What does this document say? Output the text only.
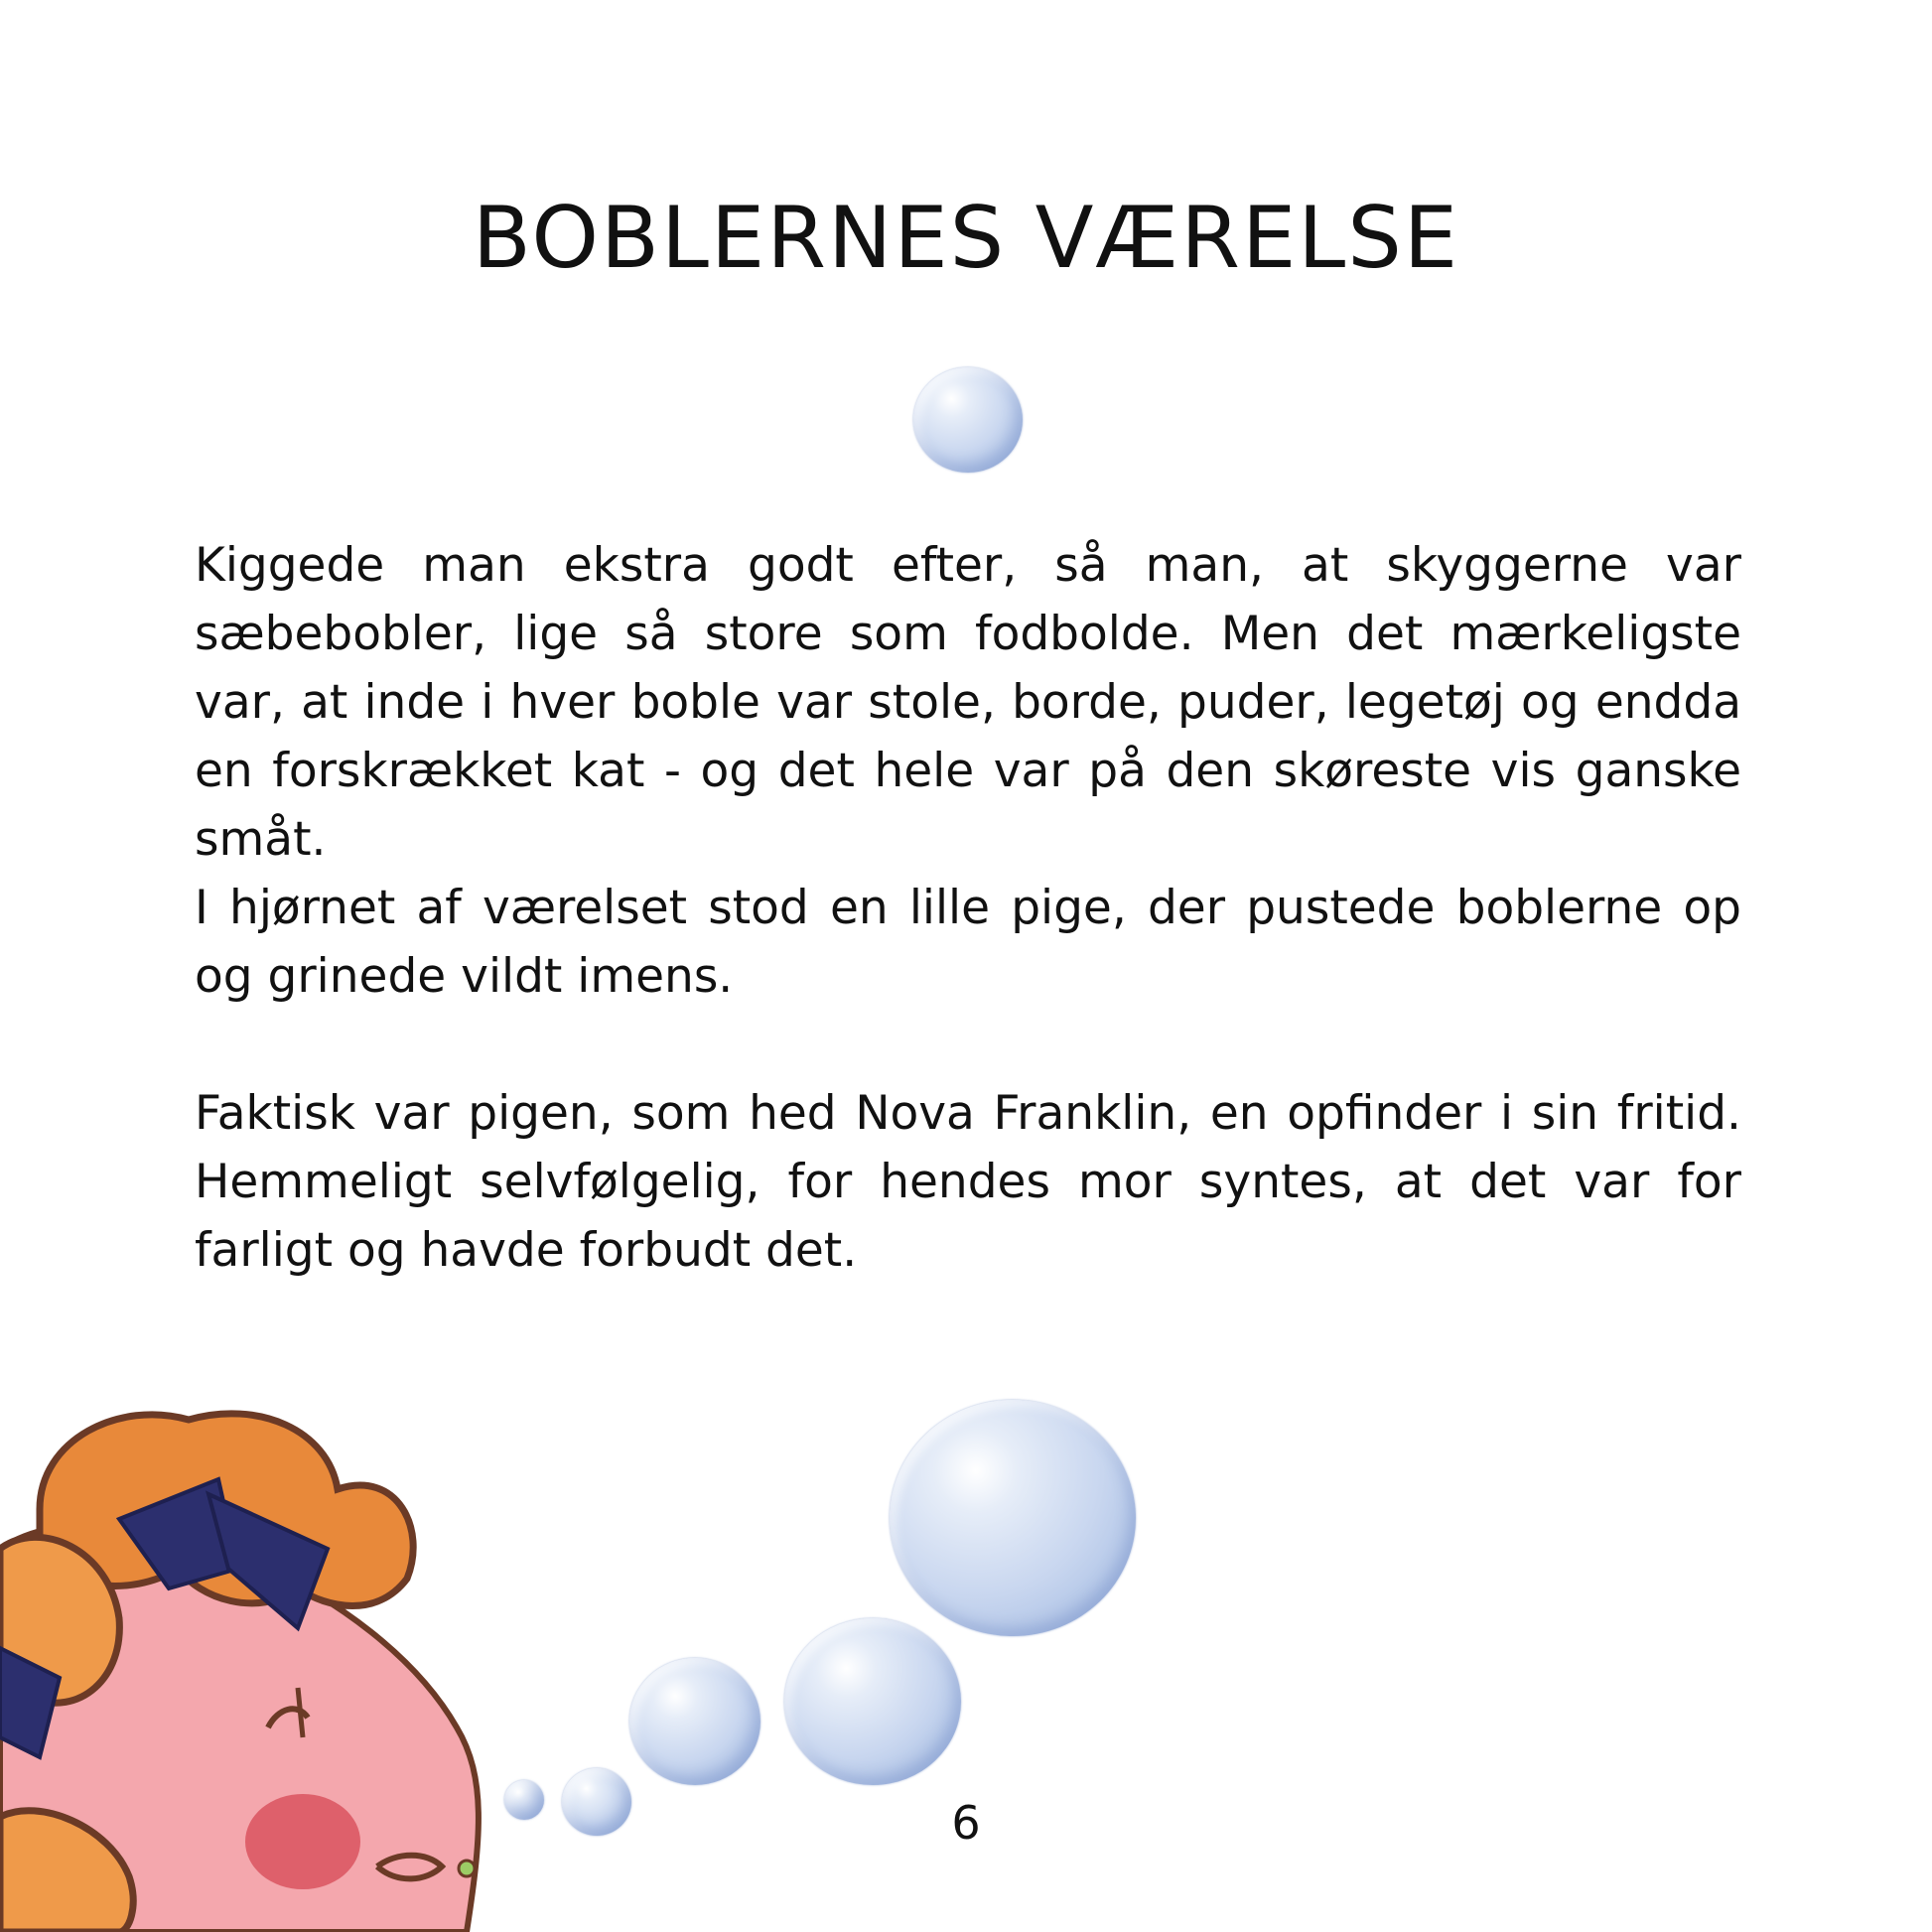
BOBLERNES VÆRELSE

Kiggede man ekstra godt efter, så man, at skyggerne var sæbebobler, lige så store som fodbolde. Men det mærkeligste var, at inde i hver boble var stole, borde, puder, legetøj og endda en forskrækket kat - og det hele var på den skøreste vis ganske småt.

I hjørnet af værelset stod en lille pige, der pustede boblerne op og grinede vildt imens.

Faktisk var pigen, som hed Nova Franklin, en opfinder i sin fritid. Hemmeligt selvfølgelig, for hendes mor syntes, at det var for farligt og havde forbudt det.

6
